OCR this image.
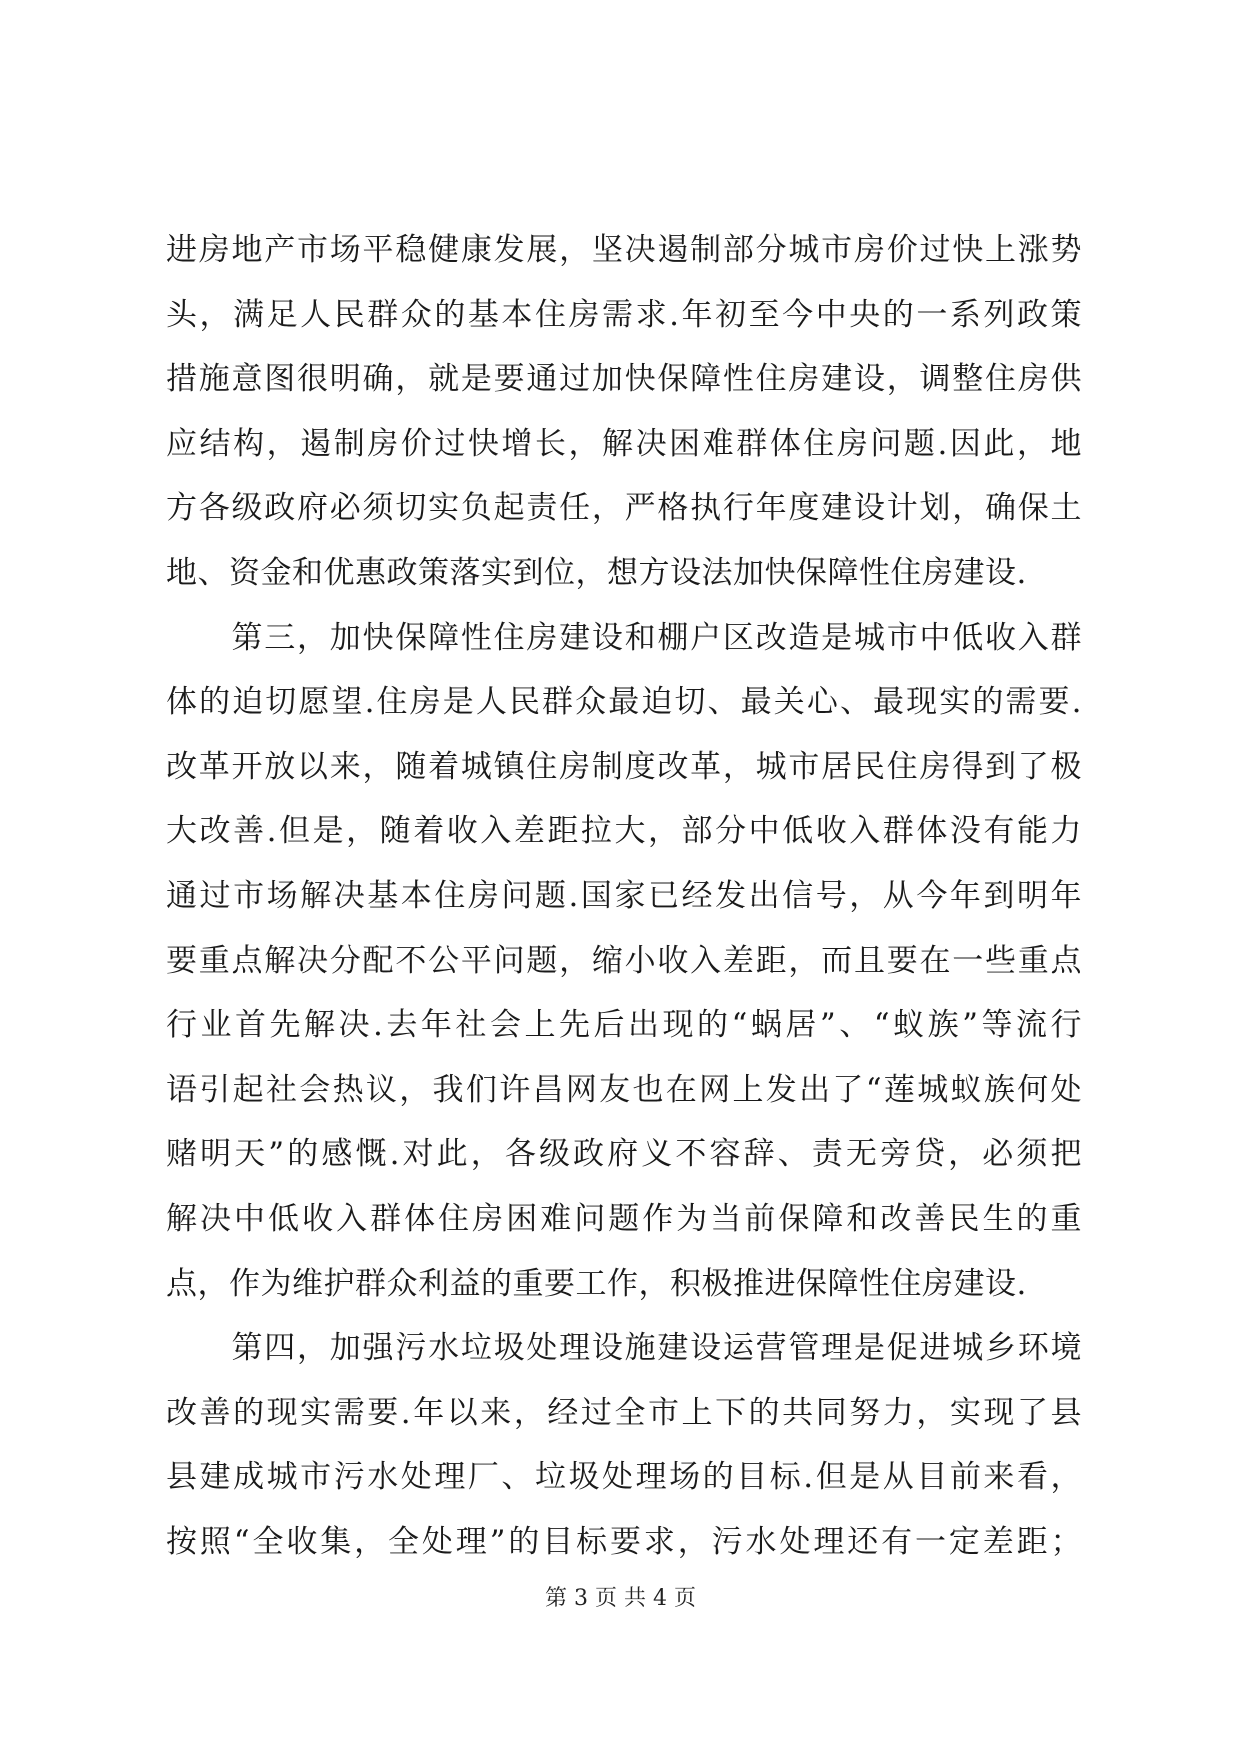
进房地产市场平稳健康发展，坚决遏制部分城市房价过快上涨势
头，满足人民群众的基本住房需求.年初至今中央的一系列政策
措施意图很明确，就是要通过加快保障性住房建设，调整住房供
应结构，遏制房价过快增长，解决困难群体住房问题.因此，地
方各级政府必须切实负起责任，严格执行年度建设计划，确保土
地、资金和优惠政策落实到位，想方设法加快保障性住房建设.
　　第三，加快保障性住房建设和棚户区改造是城市中低收入群
体的迫切愿望.住房是人民群众最迫切、最关心、最现实的需要.
改革开放以来，随着城镇住房制度改革，城市居民住房得到了极
大改善.但是，随着收入差距拉大，部分中低收入群体没有能力
通过市场解决基本住房问题.国家已经发出信号，从今年到明年
要重点解决分配不公平问题，缩小收入差距，而且要在一些重点
行业首先解决.去年社会上先后出现的“蜗居”、“蚁族”等流行
语引起社会热议，我们许昌网友也在网上发出了“莲城蚁族何处
赌明天”的感慨.对此，各级政府义不容辞、责无旁贷，必须把
解决中低收入群体住房困难问题作为当前保障和改善民生的重
点，作为维护群众利益的重要工作，积极推进保障性住房建设.
　　第四，加强污水垃圾处理设施建设运营管理是促进城乡环境
改善的现实需要.年以来，经过全市上下的共同努力，实现了县
县建成城市污水处理厂、垃圾处理场的目标.但是从目前来看，
按照“全收集，全处理”的目标要求，污水处理还有一定差距；
第 3 页 共 4 页
